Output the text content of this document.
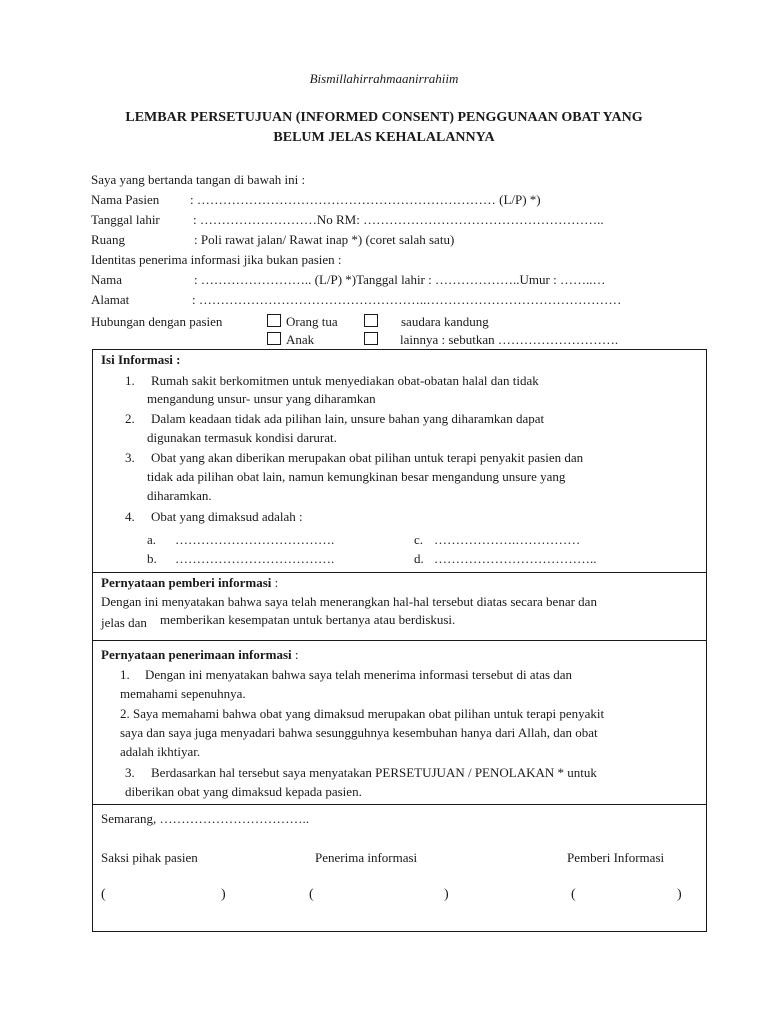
Bismillahirrahmaanirrahiim
LEMBAR PERSETUJUAN (INFORMED CONSENT) PENGGUNAAN OBAT YANG
BELUM JELAS KEHALALANNYA
Saya yang bertanda tangan di bawah ini :
Nama Pasien : …………………………………………………………… (L/P) *)
Tanggal lahir	: ………………………No RM: ………………………………………………..
Ruang	: Poli rawat jalan/ Rawat inap *) (coret salah satu)
Identitas penerima informasi jika bukan pasien :
Nama	: …………………….. (L/P) *)Tanggal lahir : ………………..Umur : ……..…
Alamat	: ……………………………………………..………………………………………
Hubungan dengan pasien	Orang tua	saudara kandung
Anak	lainnya : sebutkan ……………………….
Isi Informasi :
1. Rumah sakit berkomitmen untuk menyediakan obat-obatan halal dan tidak
mengandung unsur- unsur yang diharamkan
2. Dalam keadaan tidak ada pilihan lain, unsure bahan yang diharamkan dapat
digunakan termasuk kondisi darurat.
3. Obat yang akan diberikan merupakan obat pilihan untuk terapi penyakit pasien dan
tidak ada pilihan obat lain, namun kemungkinan besar mengandung unsure yang
diharamkan.
4. Obat yang dimaksud adalah :
a. ……………………………….	c. ……………….……………
b. ……………………………….	d. ………………………………..
Pernyataan pemberi informasi :
Dengan ini menyatakan bahwa saya telah menerangkan hal-hal tersebut diatas secara benar dan
jelas dan memberikan kesempatan untuk bertanya atau berdiskusi.
Pernyataan penerimaan informasi :
1. Dengan ini menyatakan bahwa saya telah menerima informasi tersebut di atas dan
memahami sepenuhnya.
2. Saya memahami bahwa obat yang dimaksud merupakan obat pilihan untuk terapi penyakit
saya dan saya juga menyadari bahwa sesungguhnya kesembuhan hanya dari Allah, dan obat
adalah ikhtiyar.
3. Berdasarkan hal tersebut saya menyatakan PERSETUJUAN / PENOLAKAN * untuk
diberikan obat yang dimaksud kepada pasien.
Semarang, ……………………………..
Saksi pihak pasien	Penerima informasi	Pemberi Informasi
(	)	(	)	(	)
